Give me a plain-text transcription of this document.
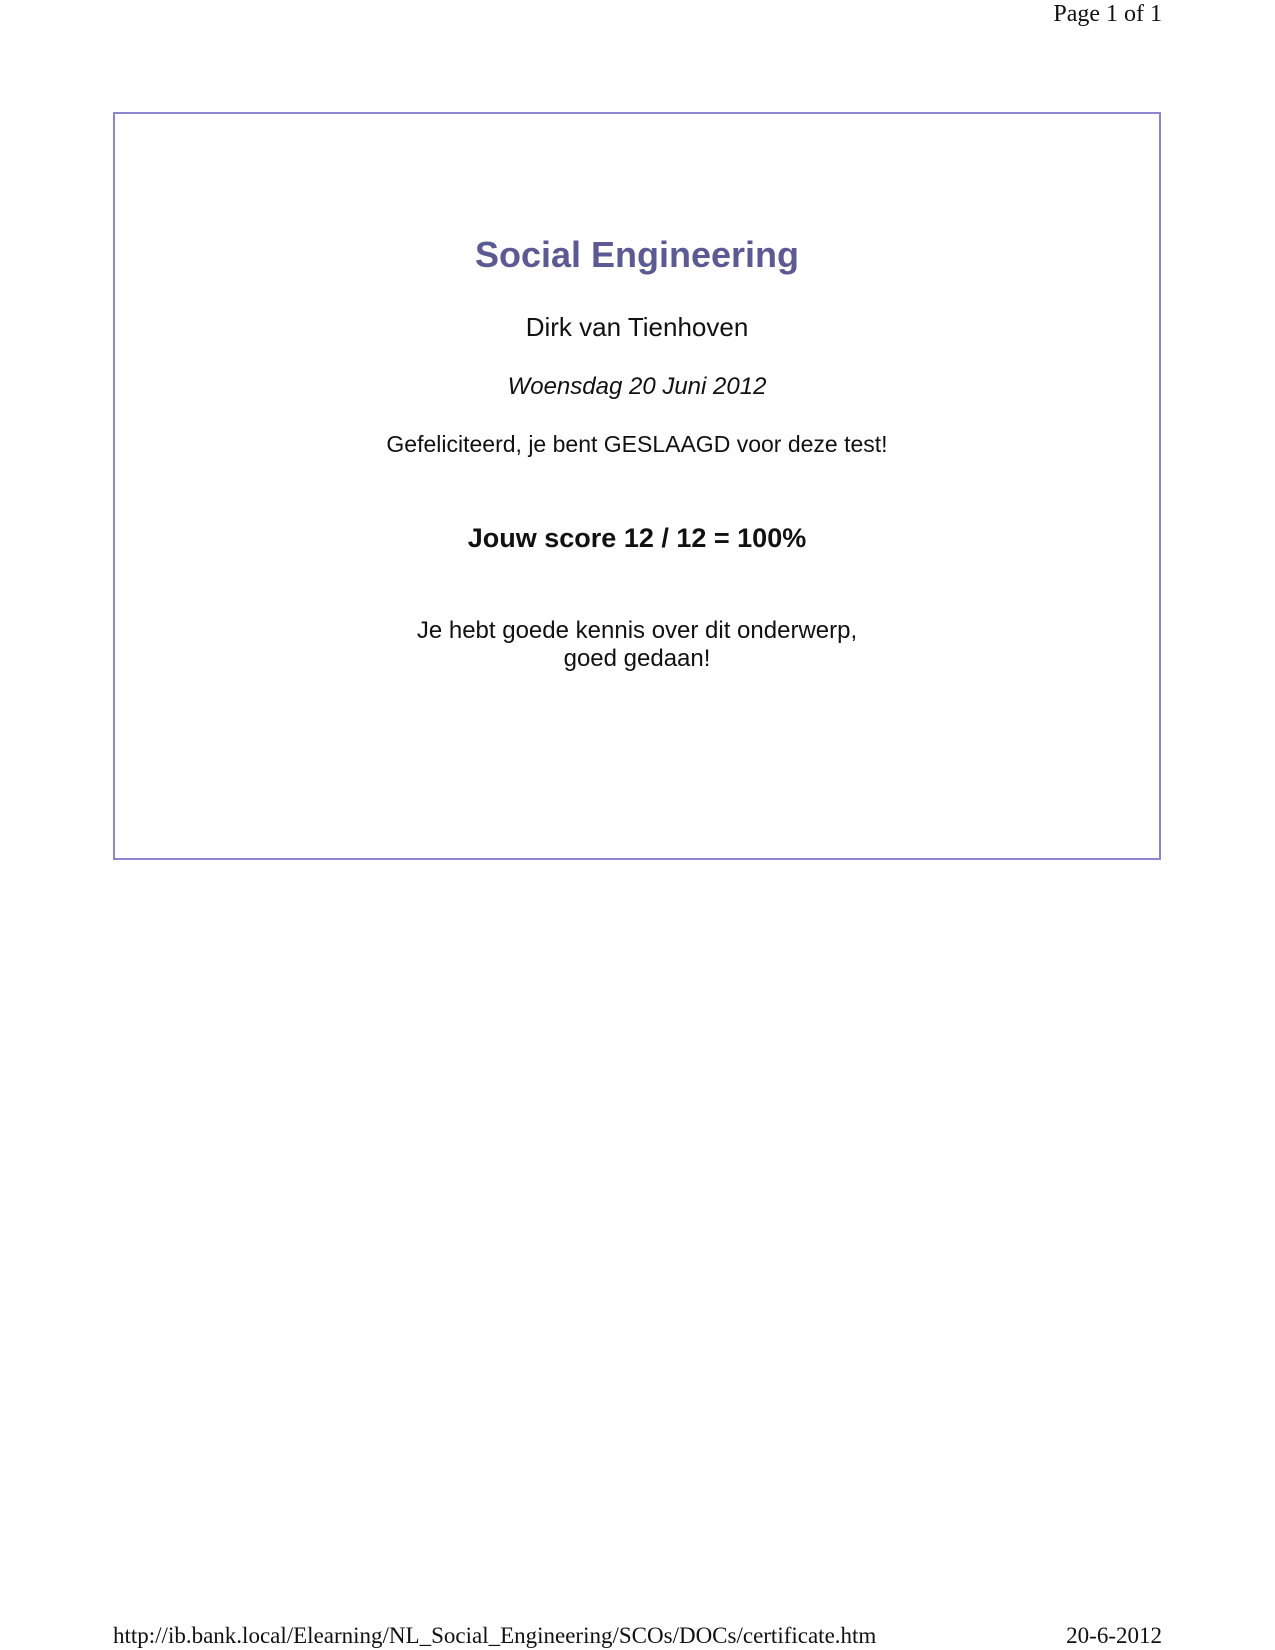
Page 1 of 1
Social Engineering
Dirk van Tienhoven
Woensdag 20 Juni 2012
Gefeliciteerd, je bent GESLAAGD voor deze test!
Jouw score 12 / 12 = 100%
Je hebt goede kennis over dit onderwerp,
goed gedaan!
http://ib.bank.local/Elearning/NL_Social_Engineering/SCOs/DOCs/certificate.htm	20-6-2012
